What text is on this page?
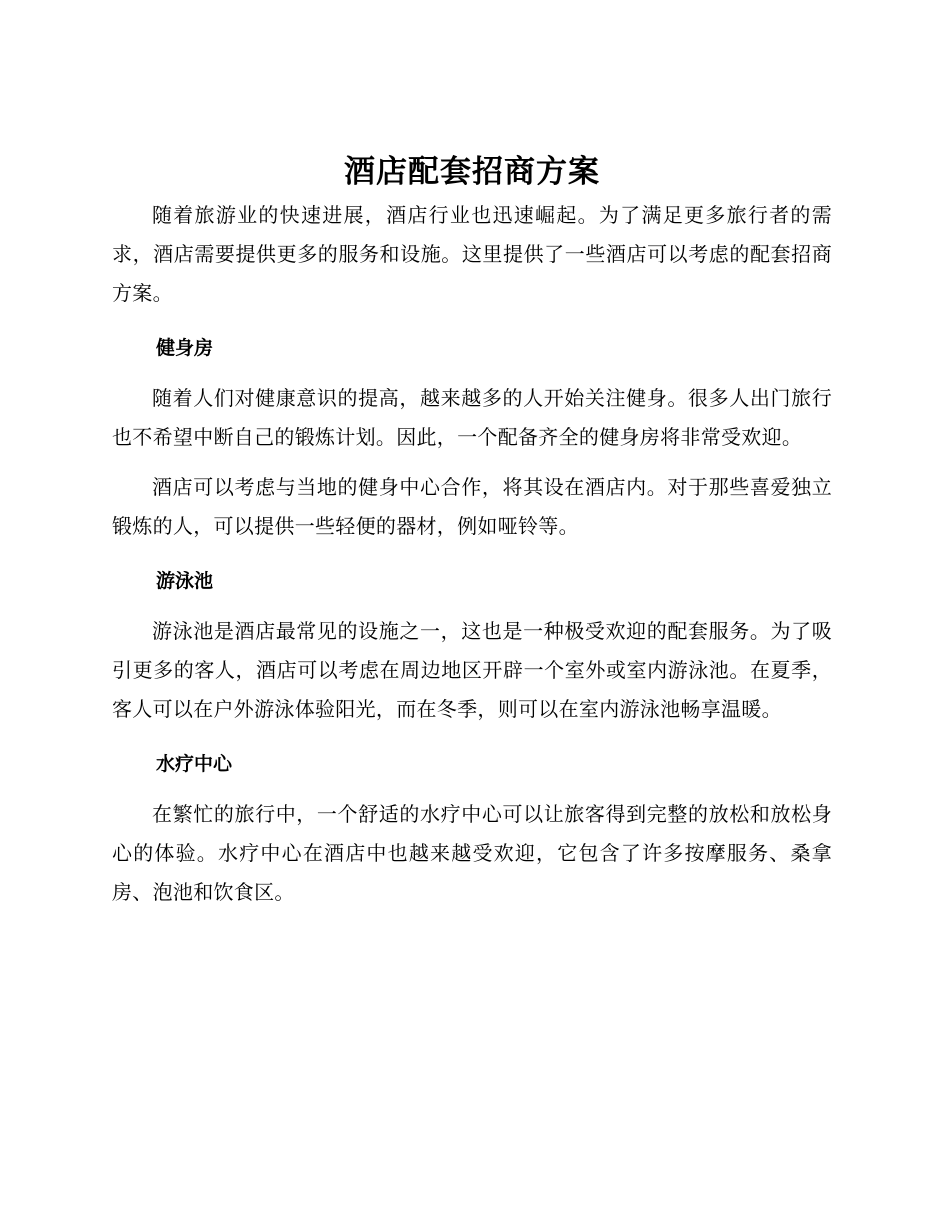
酒店配套招商方案

随着旅游业的快速进展，酒店行业也迅速崛起。为了满足更多旅行者的需求，酒店需要提供更多的服务和设施。这里提供了一些酒店可以考虑的配套招商方案。

健身房

随着人们对健康意识的提高，越来越多的人开始关注健身。很多人出门旅行也不希望中断自己的锻炼计划。因此，一个配备齐全的健身房将非常受欢迎。

酒店可以考虑与当地的健身中心合作，将其设在酒店内。对于那些喜爱独立锻炼的人，可以提供一些轻便的器材，例如哑铃等。

游泳池

游泳池是酒店最常见的设施之一，这也是一种极受欢迎的配套服务。为了吸引更多的客人，酒店可以考虑在周边地区开辟一个室外或室内游泳池。在夏季，客人可以在户外游泳体验阳光，而在冬季，则可以在室内游泳池畅享温暖。

水疗中心

在繁忙的旅行中，一个舒适的水疗中心可以让旅客得到完整的放松和放松身心的体验。水疗中心在酒店中也越来越受欢迎，它包含了许多按摩服务、桑拿房、泡池和饮食区。
